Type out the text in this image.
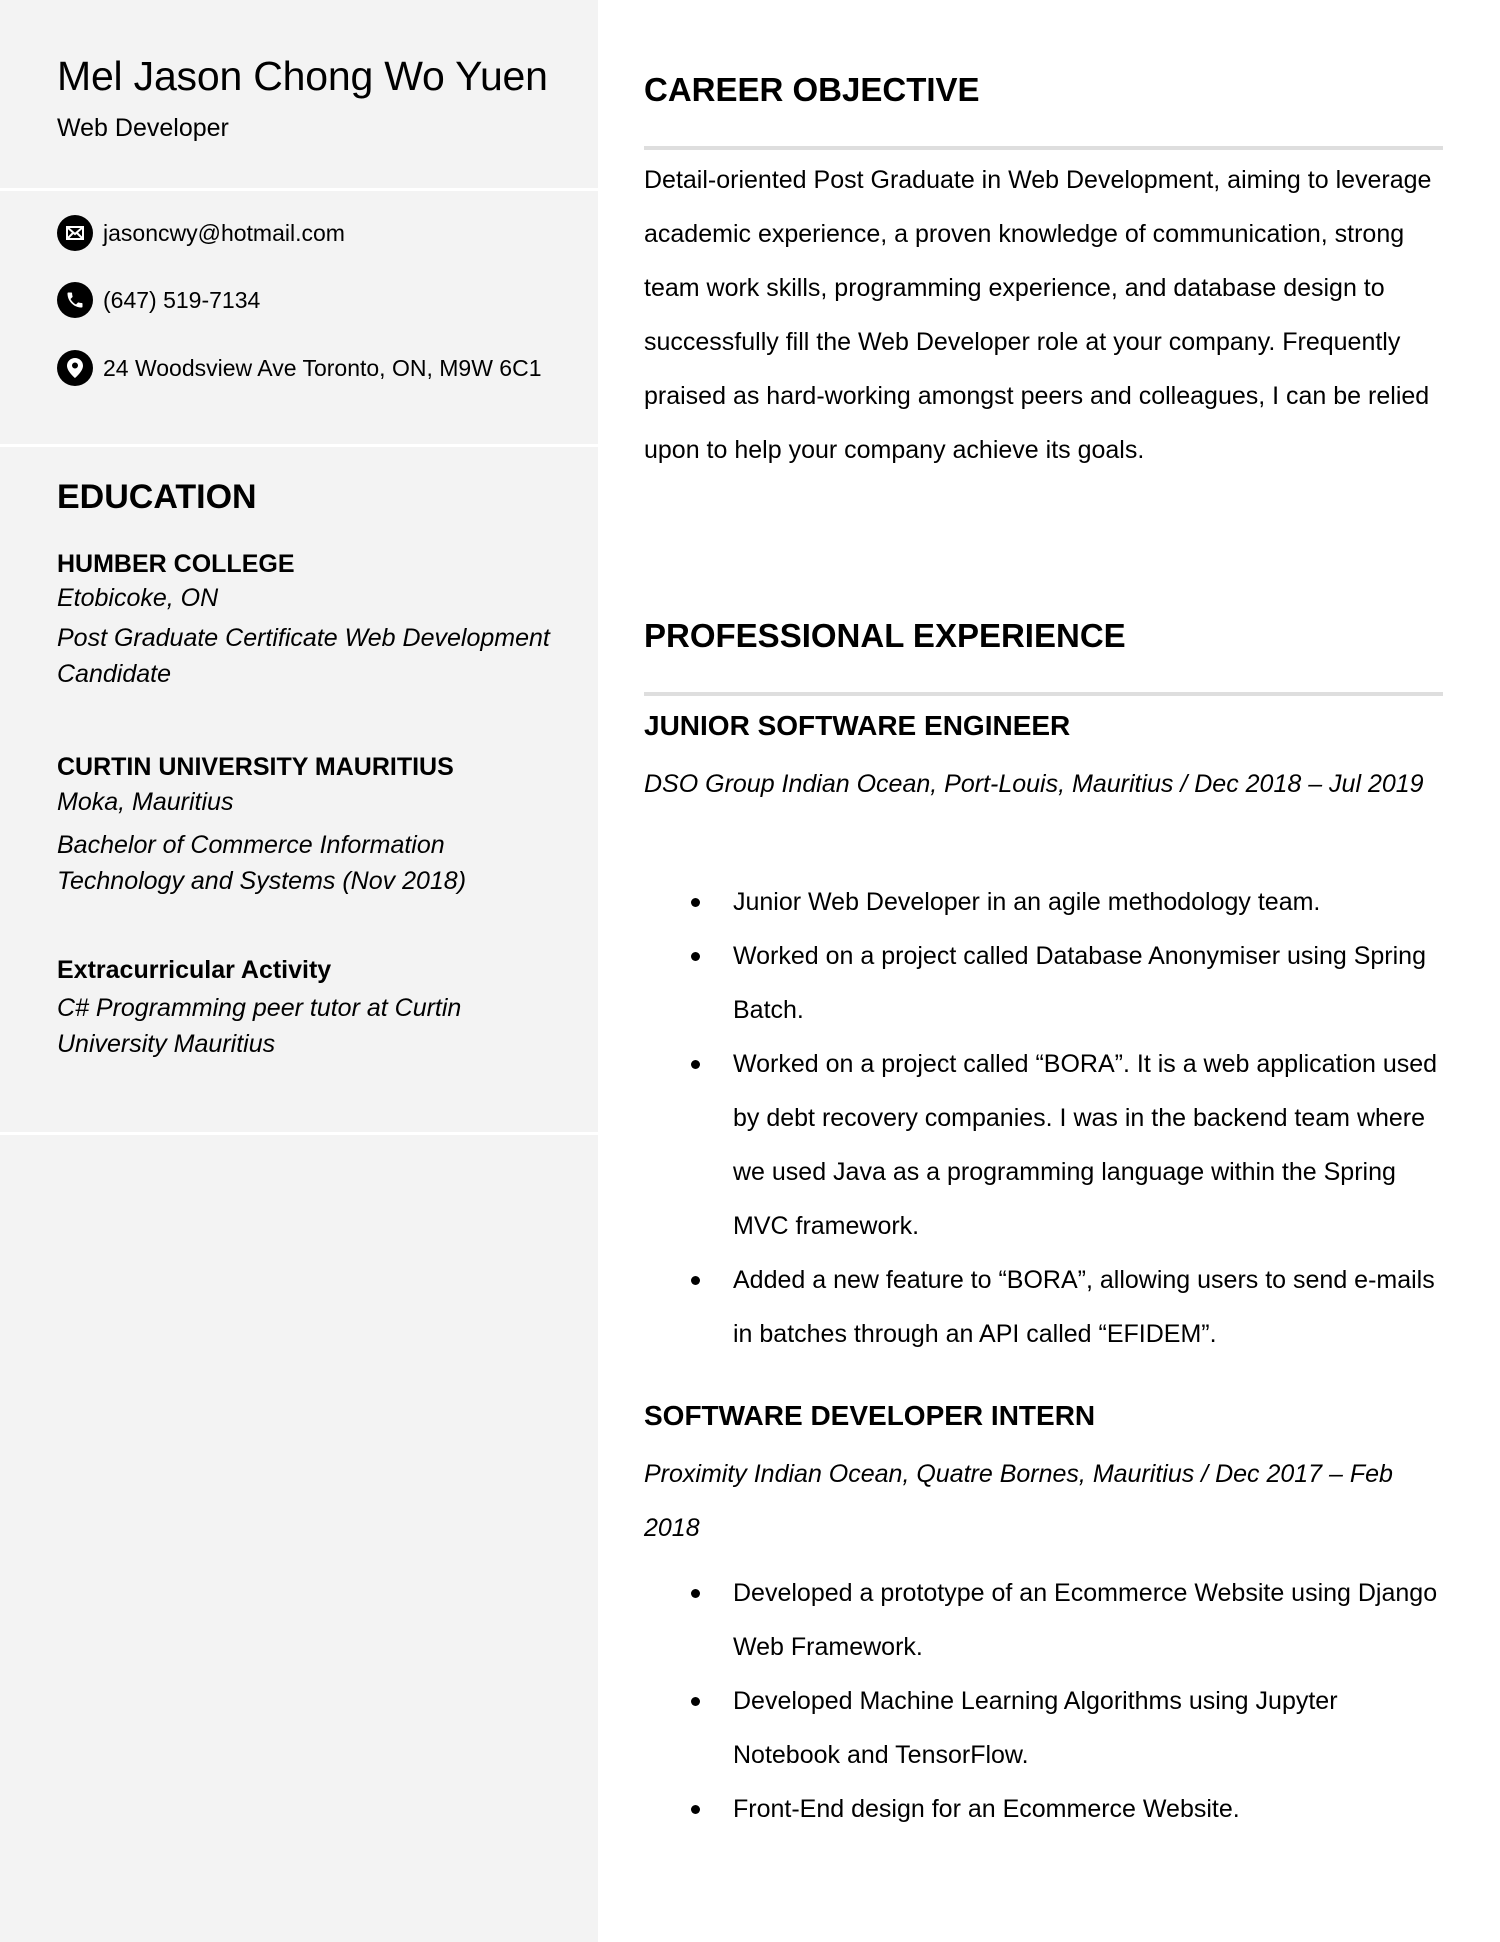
Mel Jason Chong Wo Yuen
Web Developer
jasoncwy@hotmail.com
(647) 519-7134
24 Woodsview Ave Toronto, ON, M9W 6C1
EDUCATION
HUMBER COLLEGE
Etobicoke, ON
Post Graduate Certificate Web Development Candidate
CURTIN UNIVERSITY MAURITIUS
Moka, Mauritius
Bachelor of Commerce Information Technology and Systems (Nov 2018)
Extracurricular Activity
C# Programming peer tutor at Curtin University Mauritius
CAREER OBJECTIVE

Detail-oriented Post Graduate in Web Development, aiming to leverage academic experience, a proven knowledge of communication, strong team work skills, programming experience, and database design to successfully fill the Web Developer role at your company. Frequently praised as hard-working amongst peers and colleagues, I can be relied upon to help your company achieve its goals.

PROFESSIONAL EXPERIENCE
JUNIOR SOFTWARE ENGINEER

DSO Group Indian Ocean, Port-Louis, Mauritius / Dec 2018 – Jul 2019

Junior Web Developer in an agile methodology team.
Worked on a project called Database Anonymiser using Spring Batch.
Worked on a project called “BORA”. It is a web application used by debt recovery companies. I was in the backend team where we used Java as a programming language within the Spring MVC framework.
Added a new feature to “BORA”, allowing users to send e-mails in batches through an API called “EFIDEM”.
SOFTWARE DEVELOPER INTERN

Proximity Indian Ocean, Quatre Bornes, Mauritius / Dec 2017 – Feb 2018

Developed a prototype of an Ecommerce Website using Django Web Framework.
Developed Machine Learning Algorithms using Jupyter Notebook and TensorFlow.
Front-End design for an Ecommerce Website.
